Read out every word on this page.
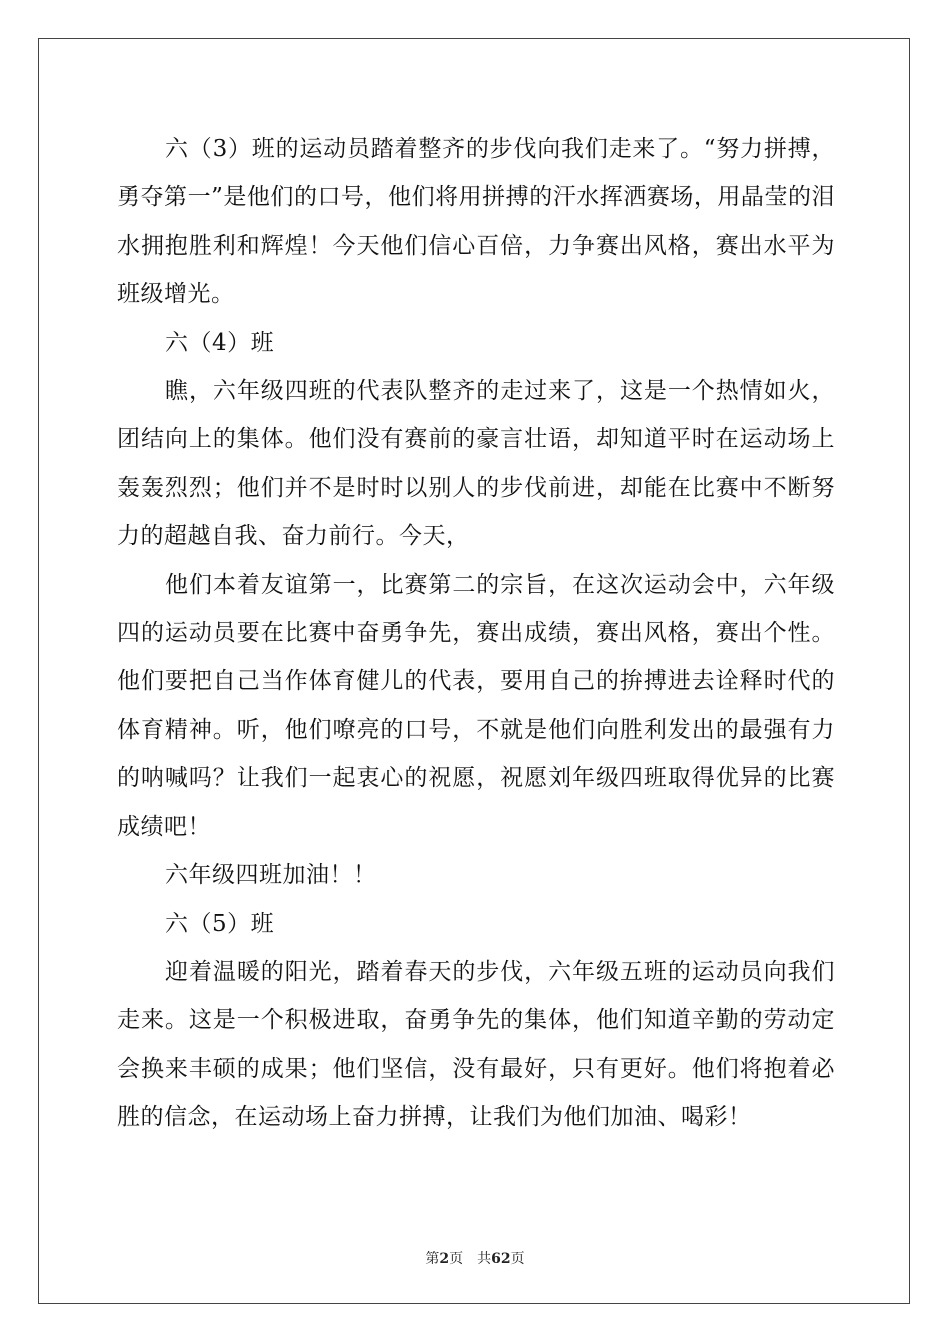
六（3）班的运动员踏着整齐的步伐向我们走来了。“努力拼搏，勇夺第一”是他们的口号，他们将用拼搏的汗水挥洒赛场，用晶莹的泪水拥抱胜利和辉煌！今天他们信心百倍，力争赛出风格，赛出水平为班级增光。

六（4）班

瞧，六年级四班的代表队整齐的走过来了，这是一个热情如火，团结向上的集体。他们没有赛前的豪言壮语，却知道平时在运动场上轰轰烈烈；他们并不是时时以别人的步伐前进，却能在比赛中不断努力的超越自我、奋力前行。今天，

他们本着友谊第一，比赛第二的宗旨，在这次运动会中，六年级四的运动员要在比赛中奋勇争先，赛出成绩，赛出风格，赛出个性。他们要把自己当作体育健儿的代表，要用自己的拚搏进去诠释时代的体育精神。听，他们嘹亮的口号，不就是他们向胜利发出的最强有力的呐喊吗？让我们一起衷心的祝愿，祝愿刘年级四班取得优异的比赛成绩吧！

六年级四班加油！！

六（5）班

迎着温暖的阳光，踏着春天的步伐，六年级五班的运动员向我们走来。这是一个积极进取，奋勇争先的集体，他们知道辛勤的劳动定会换来丰硕的成果；他们坚信，没有最好，只有更好。他们将抱着必胜的信念，在运动场上奋力拼搏，让我们为他们加油、喝彩！

第2页 共62页
